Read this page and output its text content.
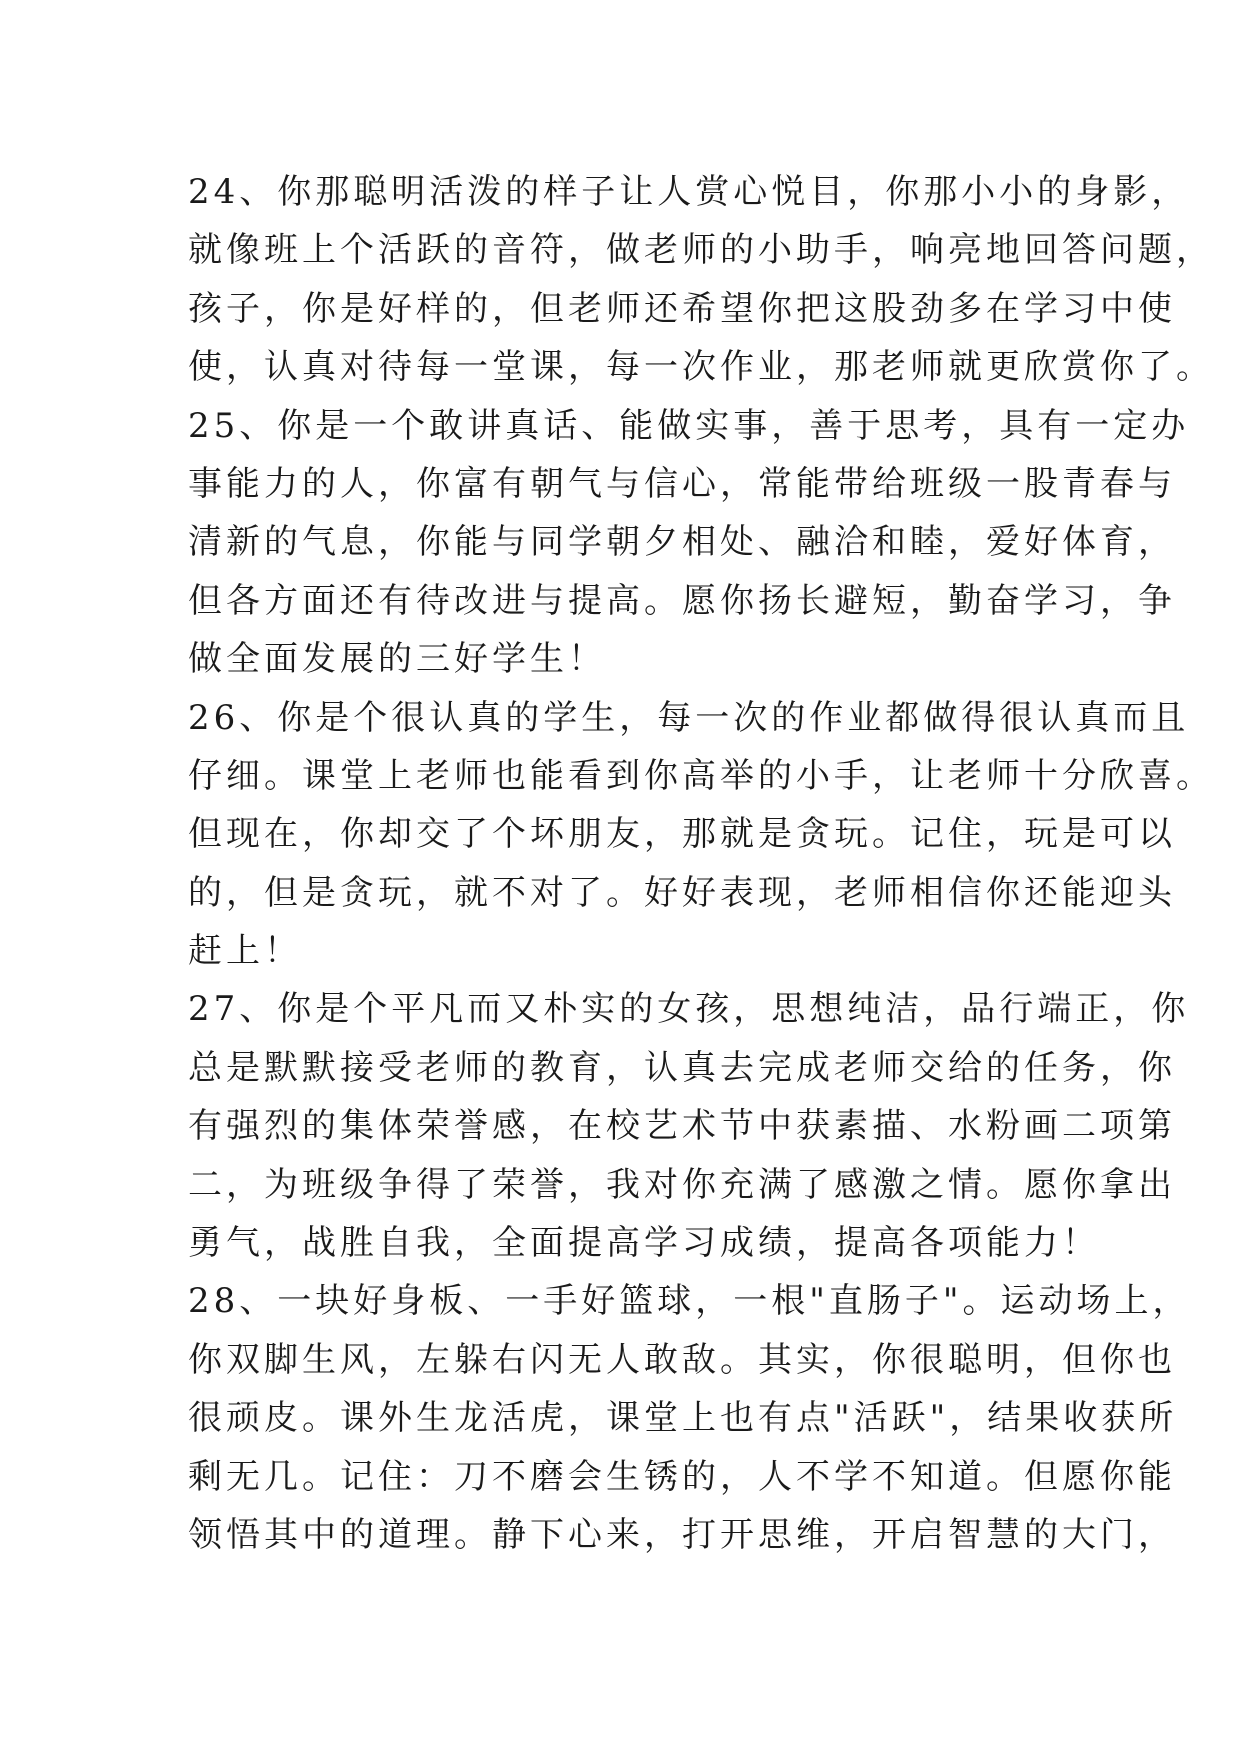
24、你那聪明活泼的样子让人赏心悦目，你那小小的身影，
就像班上个活跃的音符，做老师的小助手，响亮地回答问题，
孩子，你是好样的，但老师还希望你把这股劲多在学习中使
使，认真对待每一堂课，每一次作业，那老师就更欣赏你了。
25、你是一个敢讲真话、能做实事，善于思考，具有一定办
事能力的人，你富有朝气与信心，常能带给班级一股青春与
清新的气息，你能与同学朝夕相处、融洽和睦，爱好体育，
但各方面还有待改进与提高。愿你扬长避短，勤奋学习，争
做全面发展的三好学生！
26、你是个很认真的学生，每一次的作业都做得很认真而且
仔细。课堂上老师也能看到你高举的小手，让老师十分欣喜。
但现在，你却交了个坏朋友，那就是贪玩。记住，玩是可以
的，但是贪玩，就不对了。好好表现，老师相信你还能迎头
赶上！
27、你是个平凡而又朴实的女孩，思想纯洁，品行端正，你
总是默默接受老师的教育，认真去完成老师交给的任务，你
有强烈的集体荣誉感，在校艺术节中获素描、水粉画二项第
二，为班级争得了荣誉，我对你充满了感激之情。愿你拿出
勇气，战胜自我，全面提高学习成绩，提高各项能力！
28、一块好身板、一手好篮球，一根"直肠子"。运动场上，
你双脚生风，左躲右闪无人敢敌。其实，你很聪明，但你也
很顽皮。课外生龙活虎，课堂上也有点"活跃"，结果收获所
剩无几。记住：刀不磨会生锈的，人不学不知道。但愿你能
领悟其中的道理。静下心来，打开思维，开启智慧的大门，
